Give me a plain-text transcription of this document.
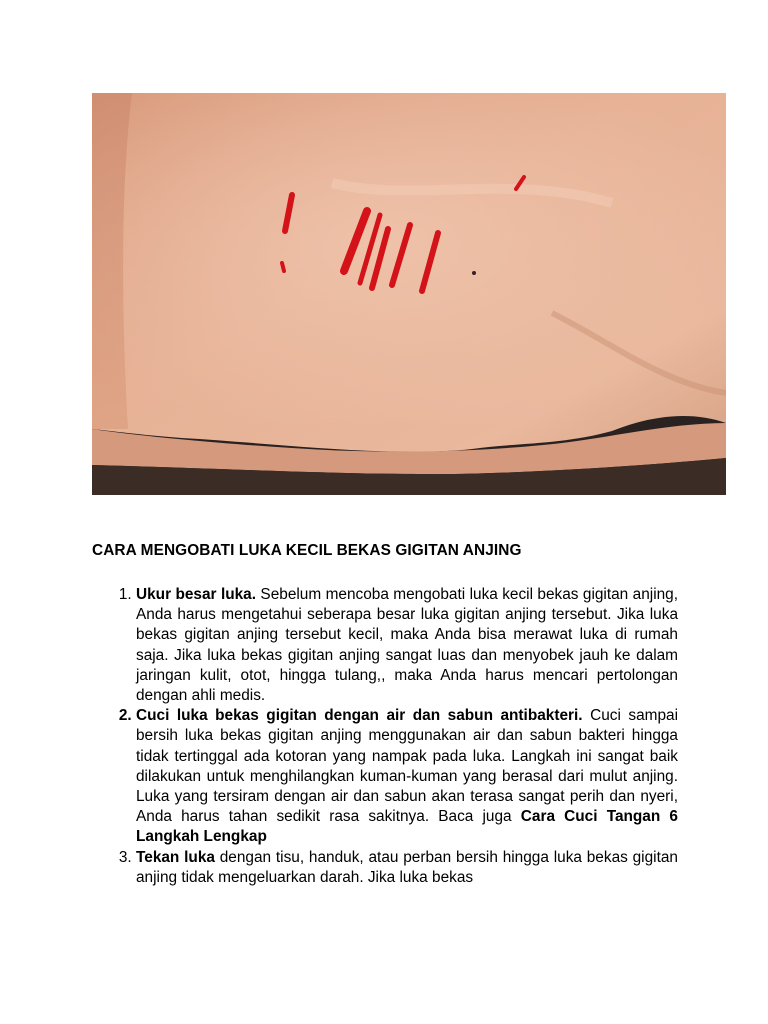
CARA MENGOBATI LUKA KECIL BEKAS GIGITAN ANJING
1. Ukur besar luka. Sebelum mencoba mengobati luka kecil bekas gigitan anjing, Anda harus mengetahui seberapa besar luka gigitan anjing tersebut. Jika luka bekas gigitan anjing tersebut kecil, maka Anda bisa merawat luka di rumah saja. Jika luka bekas gigitan anjing sangat luas dan menyobek jauh ke dalam jaringan kulit, otot, hingga tulang,, maka Anda harus mencari pertolongan dengan ahli medis.
2. Cuci luka bekas gigitan dengan air dan sabun antibakteri. Cuci sampai bersih luka bekas gigitan anjing menggunakan air dan sabun bakteri hingga tidak tertinggal ada kotoran yang nampak pada luka. Langkah ini sangat baik dilakukan untuk menghilangkan kuman-kuman yang berasal dari mulut anjing. Luka yang tersiram dengan air dan sabun akan terasa sangat perih dan nyeri, Anda harus tahan sedikit rasa sakitnya. Baca juga Cara Cuci Tangan 6 Langkah Lengkap
3. Tekan luka dengan tisu, handuk, atau perban bersih hingga luka bekas gigitan anjing tidak mengeluarkan darah. Jika luka bekas
